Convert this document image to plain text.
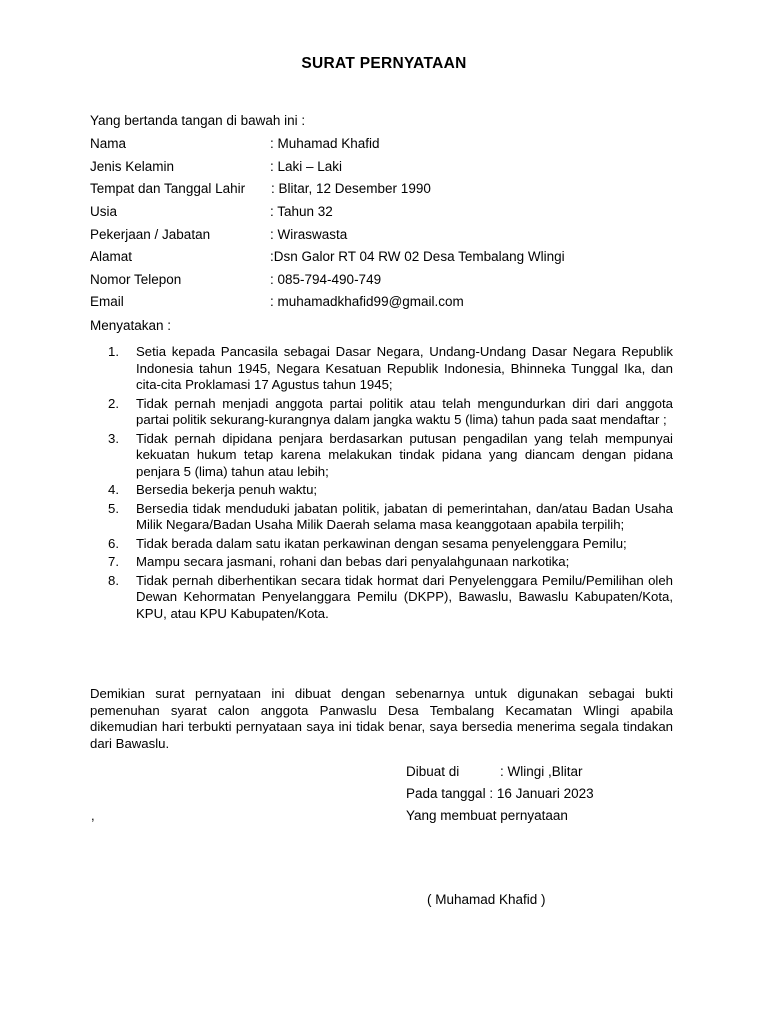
SURAT PERNYATAAN
Yang bertanda tangan di bawah ini :
Nama	: Muhamad Khafid
Jenis Kelamin	: Laki – Laki
Tempat dan Tanggal Lahir : Blitar, 12 Desember 1990
Usia	: Tahun 32
Pekerjaan / Jabatan	: Wiraswasta
Alamat	:Dsn Galor RT 04 RW 02 Desa Tembalang Wlingi
Nomor Telepon	: 085-794-490-749
Email	: muhamadkhafid99@gmail.com
Menyatakan :
1. Setia kepada Pancasila sebagai Dasar Negara, Undang-Undang Dasar Negara Republik Indonesia tahun 1945, Negara Kesatuan Republik Indonesia, Bhinneka Tunggal Ika, dan cita-cita Proklamasi 17 Agustus tahun 1945;
2. Tidak pernah menjadi anggota partai politik atau telah mengundurkan diri dari anggota partai politik sekurang-kurangnya dalam jangka waktu 5 (lima) tahun pada saat mendaftar ;
3. Tidak pernah dipidana penjara berdasarkan putusan pengadilan yang telah mempunyai kekuatan hukum tetap karena melakukan tindak pidana yang diancam dengan pidana penjara 5 (lima) tahun atau lebih;
4. Bersedia bekerja penuh waktu;
5. Bersedia tidak menduduki jabatan politik, jabatan di pemerintahan, dan/atau Badan Usaha Milik Negara/Badan Usaha Milik Daerah selama masa keanggotaan apabila terpilih;
6. Tidak berada dalam satu ikatan perkawinan dengan sesama penyelenggara Pemilu;
7. Mampu secara jasmani, rohani dan bebas dari penyalahgunaan narkotika;
8. Tidak pernah diberhentikan secara tidak hormat dari Penyelenggara Pemilu/Pemilihan oleh Dewan Kehormatan Penyelanggara Pemilu (DKPP), Bawaslu, Bawaslu Kabupaten/Kota, KPU, atau KPU Kabupaten/Kota.
Demikian surat pernyataan ini dibuat dengan sebenarnya untuk digunakan sebagai bukti pemenuhan syarat calon anggota Panwaslu Desa Tembalang Kecamatan Wlingi apabila dikemudian hari terbukti pernyataan saya ini tidak benar, saya bersedia menerima segala tindakan dari Bawaslu.
Dibuat di	: Wlingi ,Blitar
Pada tanggal : 16 Januari 2023
Yang membuat pernyataan
,
( Muhamad Khafid )
